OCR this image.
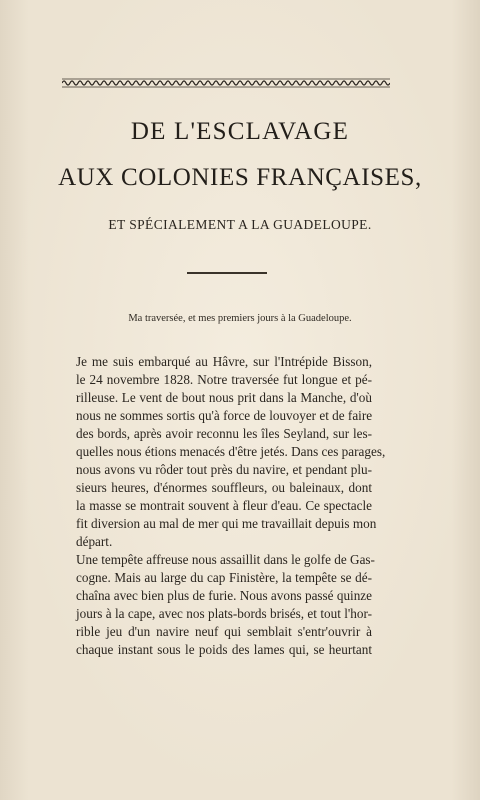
DE L'ESCLAVAGE
AUX COLONIES FRANÇAISES,
ET SPÉCIALEMENT A LA GUADELOUPE.
Ma traversée, et mes premiers jours à la Guadeloupe.
Je me suis embarqué au Hâvre, sur l'Intrépide Bisson,
le 24 novembre 1828. Notre traversée fut longue et pé-
rilleuse. Le vent de bout nous prit dans la Manche, d'où
nous ne sommes sortis qu'à force de louvoyer et de faire
des bords, après avoir reconnu les îles Seyland, sur les-
quelles nous étions menacés d'être jetés. Dans ces parages,
nous avons vu rôder tout près du navire, et pendant plu-
sieurs heures, d'énormes souffleurs, ou baleinaux, dont
la masse se montrait souvent à fleur d'eau. Ce spectacle
fit diversion au mal de mer qui me travaillait depuis mon
départ.
Une tempête affreuse nous assaillit dans le golfe de Gas-
cogne. Mais au large du cap Finistère, la tempête se dé-
chaîna avec bien plus de furie. Nous avons passé quinze
jours à la cape, avec nos plats-bords brisés, et tout l'hor-
rible jeu d'un navire neuf qui semblait s'entr'ouvrir à
chaque instant sous le poids des lames qui, se heurtant
